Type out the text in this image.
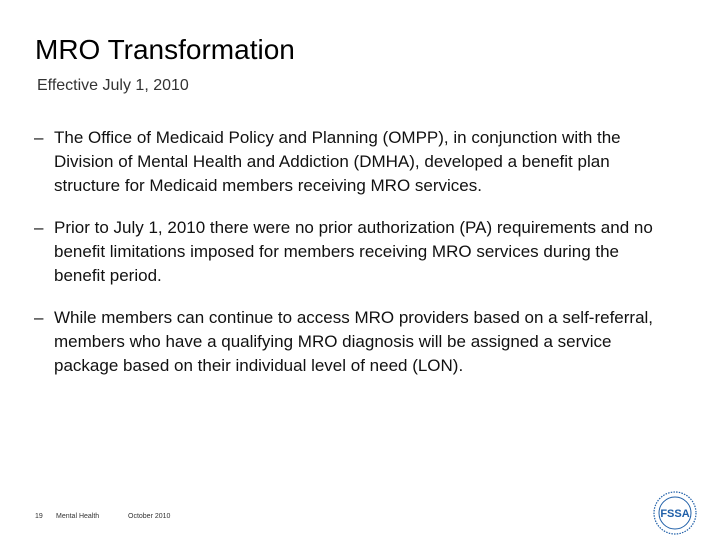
MRO Transformation
Effective July 1, 2010
– The Office of Medicaid Policy and Planning (OMPP), in conjunction with the Division of Mental Health and Addiction (DMHA), developed a benefit plan structure for Medicaid members receiving MRO services.
– Prior to July 1, 2010 there were no prior authorization (PA) requirements and no benefit limitations imposed for members receiving MRO services during the benefit period.
– While members can continue to access MRO providers based on a self-referral, members who have a qualifying MRO diagnosis will be assigned a service package based on their individual level of need (LON).
19 Mental Health	October 2010	FSSA
